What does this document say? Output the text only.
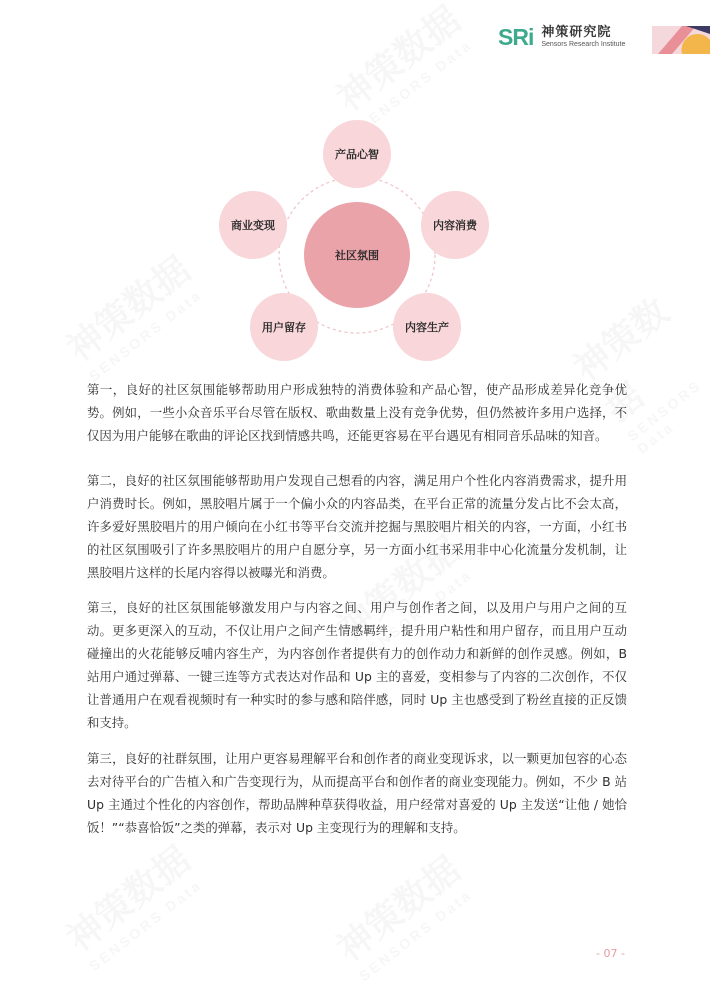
SRi 神策研究院
Sensors Research Institute
社区氛围
产品心智
内容消费
内容生产
用户留存
商业变现

第一，良好的社区氛围能够帮助用户形成独特的消费体验和产品心智，使产品形成差异化竞争优势。例如，一些小众音乐平台尽管在版权、歌曲数量上没有竞争优势，但仍然被许多用户选择，不仅因为用户能够在歌曲的评论区找到情感共鸣，还能更容易在平台遇见有相同音乐品味的知音。

第二，良好的社区氛围能够帮助用户发现自己想看的内容，满足用户个性化内容消费需求，提升用户消费时长。例如，黑胶唱片属于一个偏小众的内容品类，在平台正常的流量分发占比不会太高，许多爱好黑胶唱片的用户倾向在小红书等平台交流并挖掘与黑胶唱片相关的内容，一方面，小红书的社区氛围吸引了许多黑胶唱片的用户自愿分享，另一方面小红书采用非中心化流量分发机制，让黑胶唱片这样的长尾内容得以被曝光和消费。

第三，良好的社区氛围能够激发用户与内容之间、用户与创作者之间，以及用户与用户之间的互动。更多更深入的互动，不仅让用户之间产生情感羁绊，提升用户粘性和用户留存，而且用户互动碰撞出的火花能够反哺内容生产，为内容创作者提供有力的创作动力和新鲜的创作灵感。例如，B 站用户通过弹幕、一键三连等方式表达对作品和 Up 主的喜爱，变相参与了内容的二次创作，不仅让普通用户在观看视频时有一种实时的参与感和陪伴感，同时 Up 主也感受到了粉丝直接的正反馈和支持。

第三，良好的社群氛围，让用户更容易理解平台和创作者的商业变现诉求，以一颗更加包容的心态去对待平台的广告植入和广告变现行为，从而提高平台和创作者的商业变现能力。例如，不少 B 站 Up 主通过个性化的内容创作，帮助品牌种草获得收益，用户经常对喜爱的 Up 主发送“让他 / 她恰饭！”“恭喜恰饭”之类的弹幕，表示对 Up 主变现行为的理解和支持。

- 07 -
